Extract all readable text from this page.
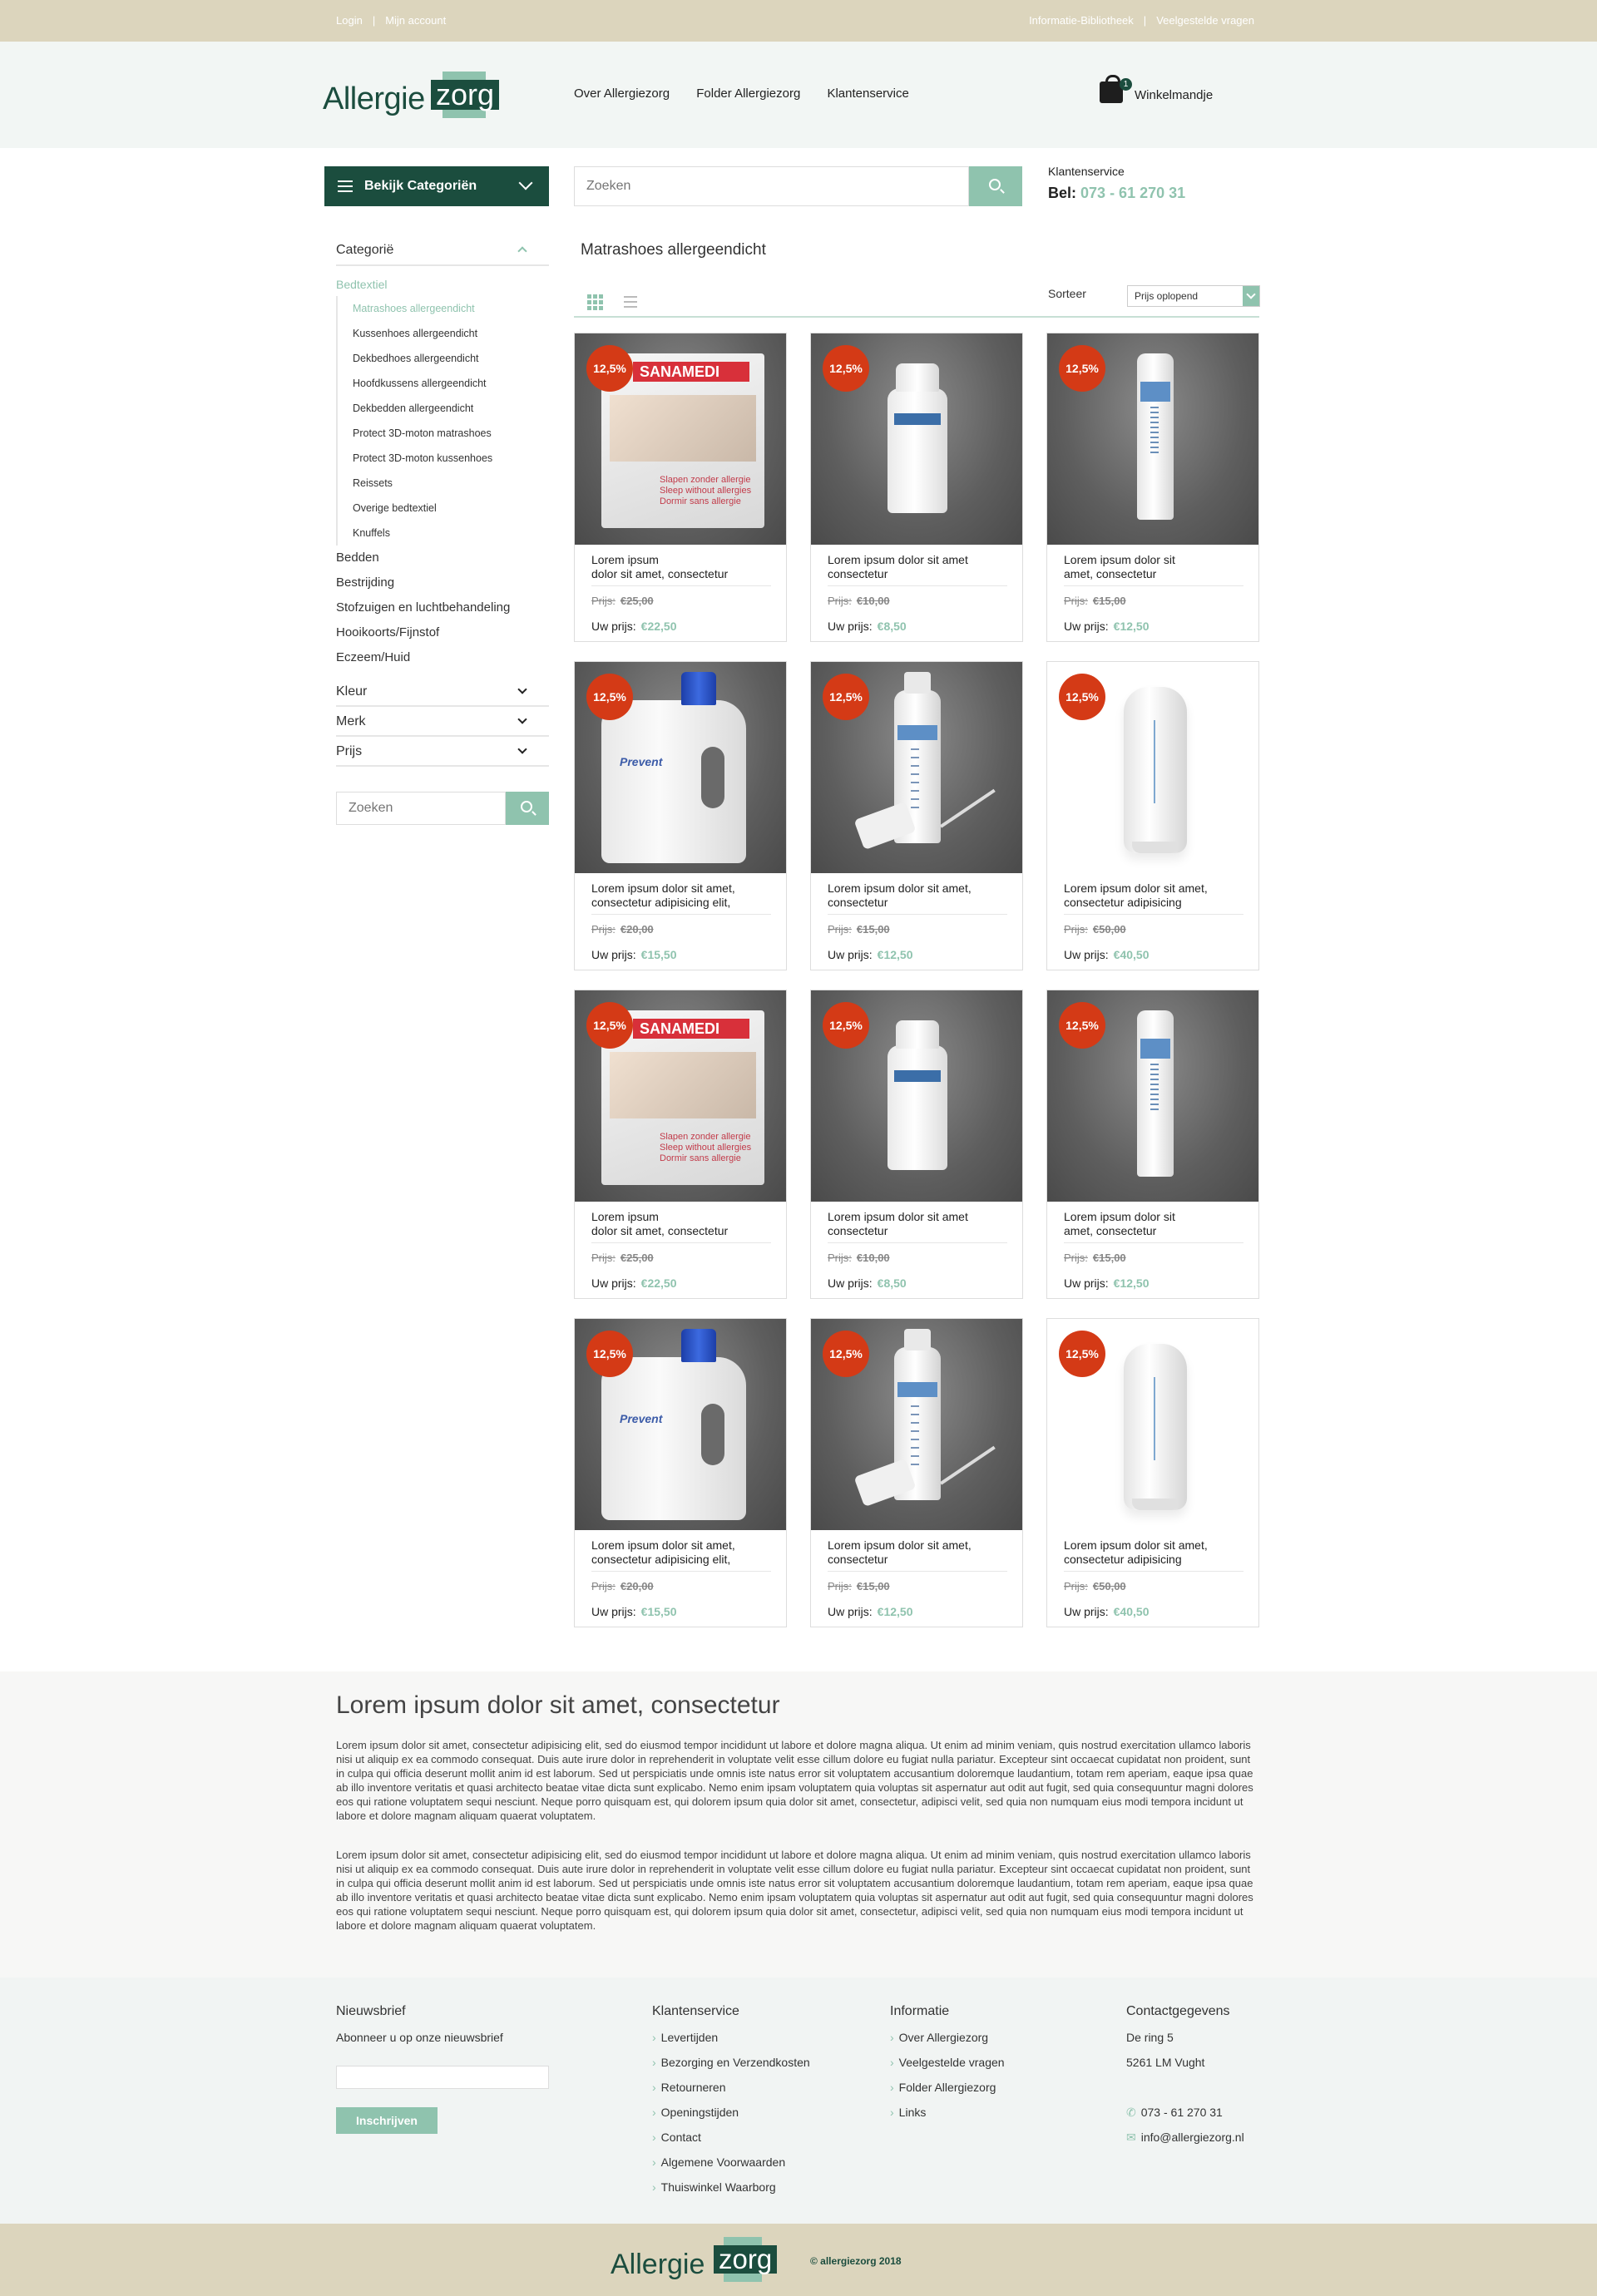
Login | Mijn account	Informatie-Bibliotheek | Veelgestelde vragen
Allergie zorg	Over Allergiezorg Folder Allergiezorg Klantenservice
1
Winkelmandje
Bekijk Categoriën
Zoeken
Klantenservice
Bel: 073 - 61 270 31
Categorië
Bedtextiel
Matrashoes allergeendicht
Kussenhoes allergeendicht
Dekbedhoes allergeendicht
Hoofdkussens allergeendicht
Dekbedden allergeendicht
Protect 3D-moton matrashoes
Protect 3D-moton kussenhoes
Reissets
Overige bedtextiel
Knuffels
Bedden
Bestrijding
Stofzuigen en luchtbehandeling
Hooikoorts/Fijnstof
Eczeem/Huid
Kleur
Merk
Prijs
Zoeken
Matrashoes allergeendicht
Sorteer	Prijs oplopend
SANAMEDI
Slapen zonder allergie
Sleep without allergies
Dormir sans allergie
12,5%
Lorem ipsum
dolor sit amet, consectetur
Prijs: €25,00
Uw prijs: €22,50
12,5%
Lorem ipsum dolor sit amet
consectetur
Prijs: €10,00
Uw prijs: €8,50
12,5%
Lorem ipsum dolor sit
amet, consectetur
Prijs: €15,00
Uw prijs: €12,50
Prevent
12,5%
Lorem ipsum dolor sit amet,
consectetur adipisicing elit,
Prijs: €20,00
Uw prijs: €15,50
12,5%
Lorem ipsum dolor sit amet,
consectetur
Prijs: €15,00
Uw prijs: €12,50
12,5%
Lorem ipsum dolor sit amet,
consectetur adipisicing
Prijs: €50,00
Uw prijs: €40,50
SANAMEDI
Slapen zonder allergie
Sleep without allergies
Dormir sans allergie
12,5%
Lorem ipsum
dolor sit amet, consectetur
Prijs: €25,00
Uw prijs: €22,50
12,5%
Lorem ipsum dolor sit amet
consectetur
Prijs: €10,00
Uw prijs: €8,50
12,5%
Lorem ipsum dolor sit
amet, consectetur
Prijs: €15,00
Uw prijs: €12,50
Prevent
12,5%
Lorem ipsum dolor sit amet,
consectetur adipisicing elit,
Prijs: €20,00
Uw prijs: €15,50
12,5%
Lorem ipsum dolor sit amet,
consectetur
Prijs: €15,00
Uw prijs: €12,50
12,5%
Lorem ipsum dolor sit amet,
consectetur adipisicing
Prijs: €50,00
Uw prijs: €40,50
Lorem ipsum dolor sit amet, consectetur

Lorem ipsum dolor sit amet, consectetur adipisicing elit, sed do eiusmod tempor incididunt ut labore et dolore magna aliqua. Ut enim ad minim veniam, quis nostrud exercitation ullamco laboris nisi ut aliquip ex ea commodo consequat. Duis aute irure dolor in reprehenderit in voluptate velit esse cillum dolore eu fugiat nulla pariatur. Excepteur sint occaecat cupidatat non proident, sunt in culpa qui officia deserunt mollit anim id est laborum. Sed ut perspiciatis unde omnis iste natus error sit voluptatem accusantium doloremque laudantium, totam rem aperiam, eaque ipsa quae ab illo inventore veritatis et quasi architecto beatae vitae dicta sunt explicabo. Nemo enim ipsam voluptatem quia voluptas sit aspernatur aut odit aut fugit, sed quia consequuntur magni dolores eos qui ratione voluptatem sequi nesciunt. Neque porro quisquam est, qui dolorem ipsum quia dolor sit amet, consectetur, adipisci velit, sed quia non numquam eius modi tempora incidunt ut labore et dolore magnam aliquam quaerat voluptatem.

Lorem ipsum dolor sit amet, consectetur adipisicing elit, sed do eiusmod tempor incididunt ut labore et dolore magna aliqua. Ut enim ad minim veniam, quis nostrud exercitation ullamco laboris nisi ut aliquip ex ea commodo consequat. Duis aute irure dolor in reprehenderit in voluptate velit esse cillum dolore eu fugiat nulla pariatur. Excepteur sint occaecat cupidatat non proident, sunt in culpa qui officia deserunt mollit anim id est laborum. Sed ut perspiciatis unde omnis iste natus error sit voluptatem accusantium doloremque laudantium, totam rem aperiam, eaque ipsa quae ab illo inventore veritatis et quasi architecto beatae vitae dicta sunt explicabo. Nemo enim ipsam voluptatem quia voluptas sit aspernatur aut odit aut fugit, sed quia consequuntur magni dolores eos qui ratione voluptatem sequi nesciunt. Neque porro quisquam est, qui dolorem ipsum quia dolor sit amet, consectetur, adipisci velit, sed quia non numquam eius modi tempora incidunt ut labore et dolore magnam aliquam quaerat voluptatem.

Nieuwsbrief
Abonneer u op onze nieuwsbrief
Inschrijven
Klantenservice
› Levertijden
› Bezorging en Verzendkosten
› Retourneren
› Openingstijden
› Contact
› Algemene Voorwaarden
› Thuiswinkel Waarborg
Informatie
› Over Allergiezorg
› Veelgestelde vragen
› Folder Allergiezorg
› Links
Contactgegevens
De ring 5
5261 LM Vught
✆ 073 - 61 270 31
✉ info@allergiezorg.nl
Allergie zorg	© allergiezorg 2018
